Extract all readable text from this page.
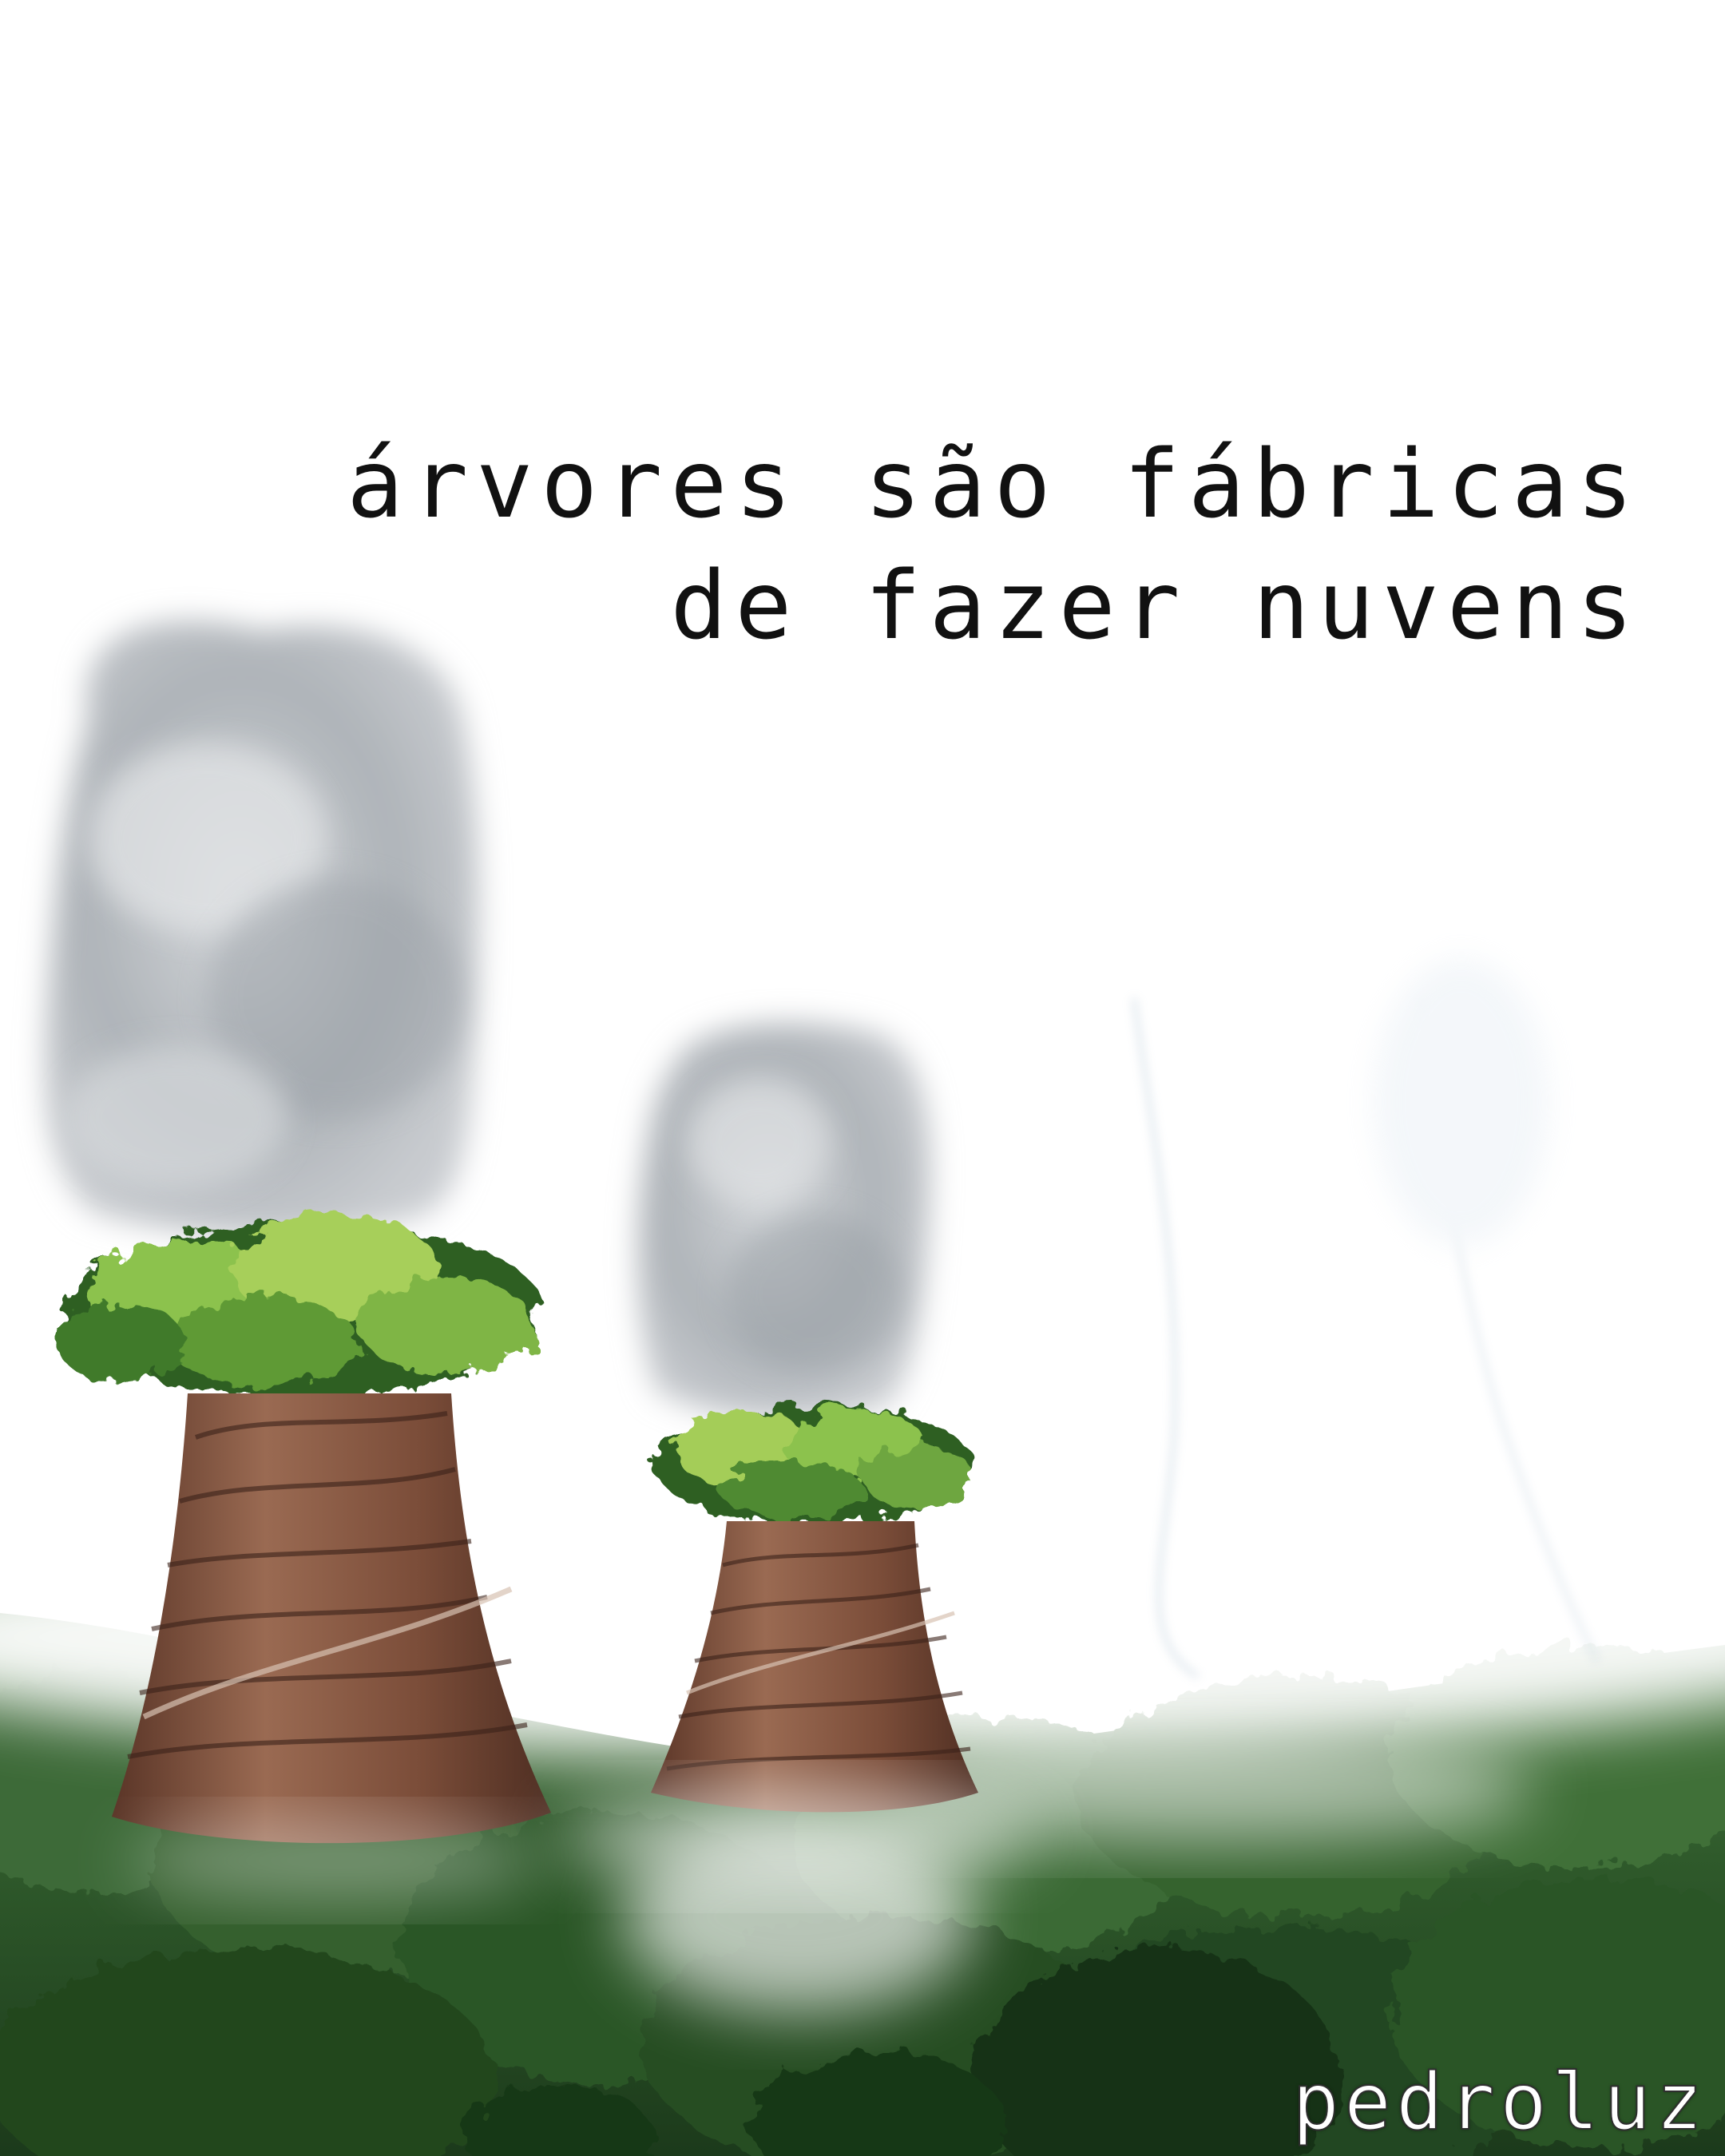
árvores são fábricas
de fazer nuvens
pedroluz
